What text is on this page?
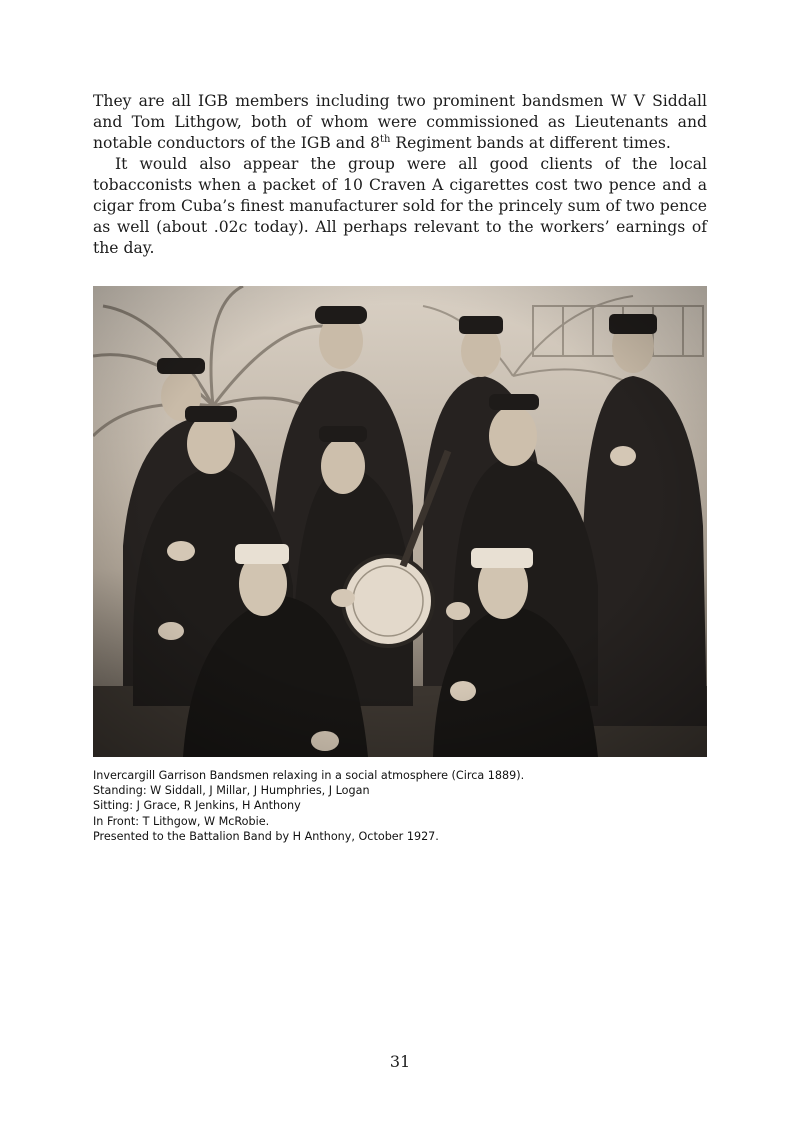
They are all IGB members including two prominent bandsmen W V Siddall and Tom Lithgow, both of whom were commissioned as Lieutenants and notable conductors of the IGB and 8th Regiment bands at different times.

It would also appear the group were all good clients of the local tobacconists when a packet of 10 Craven A cigarettes cost two pence and a cigar from Cuba’s finest manufacturer sold for the princely sum of two pence as well (about .02c today). All perhaps relevant to the workers’ earnings of the day.

Invercargill Garrison Bandsmen relaxing in a social atmosphere (Circa 1889).
Standing: W Siddall, J Millar, J Humphries, J Logan
Sitting: J Grace, R Jenkins, H Anthony
In Front: T Lithgow, W McRobie.
Presented to the Battalion Band by H Anthony, October 1927.
31
